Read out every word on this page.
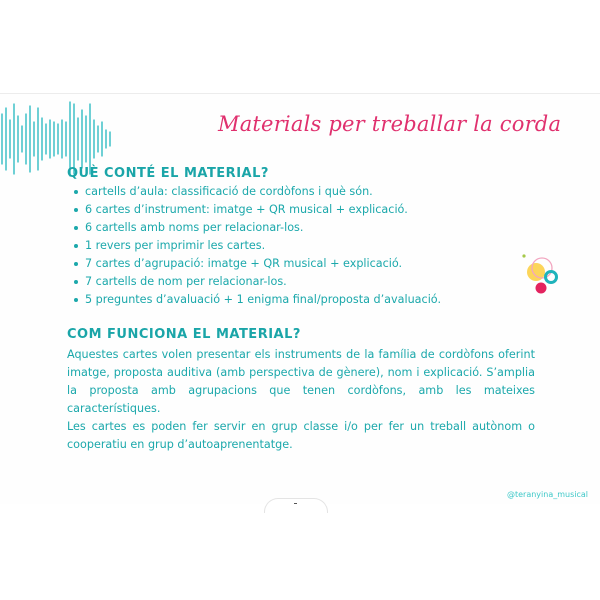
Materials per treballar la corda
QUÈ CONTÉ EL MATERIAL?
cartells d’aula: classificació de cordòfons i què són.
6 cartes d’instrument: imatge + QR musical + explicació.
6 cartells amb noms per relacionar-los.
1 revers per imprimir les cartes.
7 cartes d’agrupació: imatge + QR musical + explicació.
7 cartells de nom per relacionar-los.
5 preguntes d’avaluació + 1 enigma final/proposta d’avaluació.
COM FUNCIONA EL MATERIAL?

Aquestes cartes volen presentar els instruments de la família de cordòfons oferint imatge, proposta auditiva (amb perspectiva de gènere), nom i explicació. S’amplia la proposta amb agrupacions que tenen cordòfons, amb les mateixes característiques.

Les cartes es poden fer servir en grup classe i/o per fer un treball autònom o cooperatiu en grup d’autoaprenentatge.

@teranyina_musical
